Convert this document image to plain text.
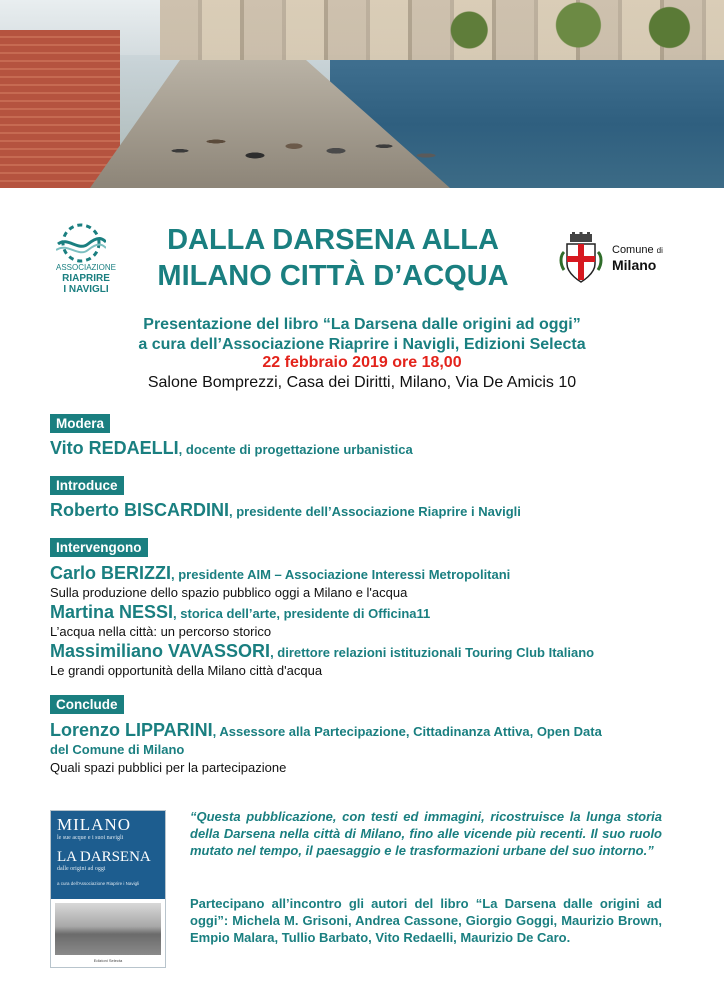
ASSOCIAZIONE
RIAPRIRE
I NAVIGLI
DALLA DARSENA ALLA
MILANO CITTÀ D’ACQUA
Comune di
Milano
Presentazione del libro “La Darsena dalle origini ad oggi”
a cura dell’Associazione Riaprire i Navigli, Edizioni Selecta
22 febbraio 2019 ore 18,00
Salone Bomprezzi, Casa dei Diritti, Milano, Via De Amicis 10
Modera
Vito REDAELLI, docente di progettazione urbanistica
Introduce
Roberto BISCARDINI, presidente dell’Associazione Riaprire i Navigli
Intervengono
Carlo BERIZZI, presidente AIM – Associazione Interessi Metropolitani
Sulla produzione dello spazio pubblico oggi a Milano e l'acqua
Martina NESSI, storica dell’arte, presidente di Officina11
L’acqua nella città: un percorso storico
Massimiliano VAVASSORI, direttore relazioni istituzionali Touring Club Italiano
Le grandi opportunità della Milano città d'acqua
Conclude
Lorenzo LIPPARINI, Assessore alla Partecipazione, Cittadinanza Attiva, Open Data
del Comune di Milano
Quali spazi pubblici per la partecipazione
MILANO
le sue acque e i suoi navigli
LA DARSENA
dalle origini ad oggi
a cura dell'Associazione Riaprire i Navigli
Edizioni Selecta

“Questa pubblicazione, con testi ed immagini, ricostruisce la lunga storia della Darsena nella città di Milano, fino alle vicende più recenti. Il suo ruolo mutato nel tempo, il paesaggio e le trasformazioni urbane del suo intorno.”

Partecipano all’incontro gli autori del libro “La Darsena dalle origini ad oggi”: Michela M. Grisoni, Andrea Cassone, Giorgio Goggi, Maurizio Brown, Empio Malara, Tullio Barbato, Vito Redaelli, Maurizio De Caro.
